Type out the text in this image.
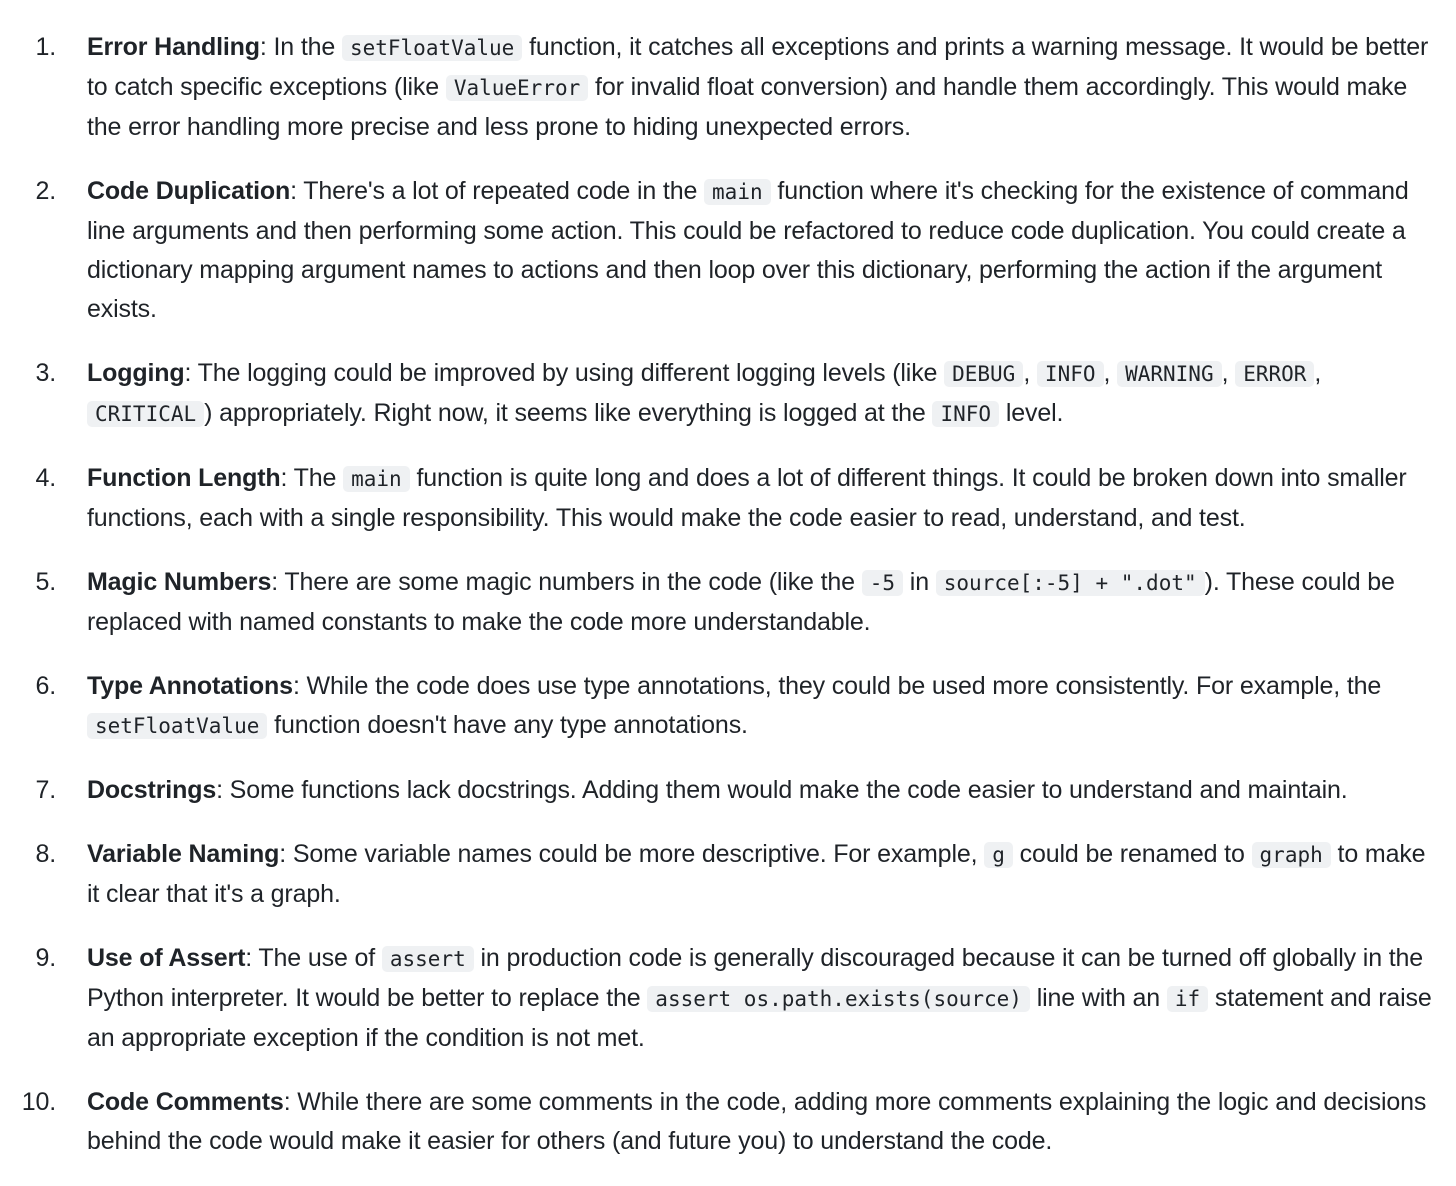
1. Error Handling: In the setFloatValue function, it catches all exceptions and prints a warning message. It would be better to catch specific exceptions (like ValueError for invalid float conversion) and handle them accordingly. This would make the error handling more precise and less prone to hiding unexpected errors.
2. Code Duplication: There's a lot of repeated code in the main function where it's checking for the existence of command line arguments and then performing some action. This could be refactored to reduce code duplication. You could create a dictionary mapping argument names to actions and then loop over this dictionary, performing the action if the argument exists.
3. Logging: The logging could be improved by using different logging levels (like DEBUG , INFO , WARNING , ERROR , CRITICAL ) appropriately. Right now, it seems like everything is logged at the INFO level.
4. Function Length: The main function is quite long and does a lot of different things. It could be broken down into smaller functions, each with a single responsibility. This would make the code easier to read, understand, and test.
5. Magic Numbers: There are some magic numbers in the code (like the -5 in source[:-5] + ".dot" ). These could be replaced with named constants to make the code more understandable.
6. Type Annotations: While the code does use type annotations, they could be used more consistently. For example, the setFloatValue function doesn't have any type annotations.
7. Docstrings: Some functions lack docstrings. Adding them would make the code easier to understand and maintain.
8. Variable Naming: Some variable names could be more descriptive. For example, g could be renamed to graph to make it clear that it's a graph.
9. Use of Assert: The use of assert in production code is generally discouraged because it can be turned off globally in the Python interpreter. It would be better to replace the assert os.path.exists(source) line with an if statement and raise an appropriate exception if the condition is not met.
10. Code Comments: While there are some comments in the code, adding more comments explaining the logic and decisions behind the code would make it easier for others (and future you) to understand the code.
